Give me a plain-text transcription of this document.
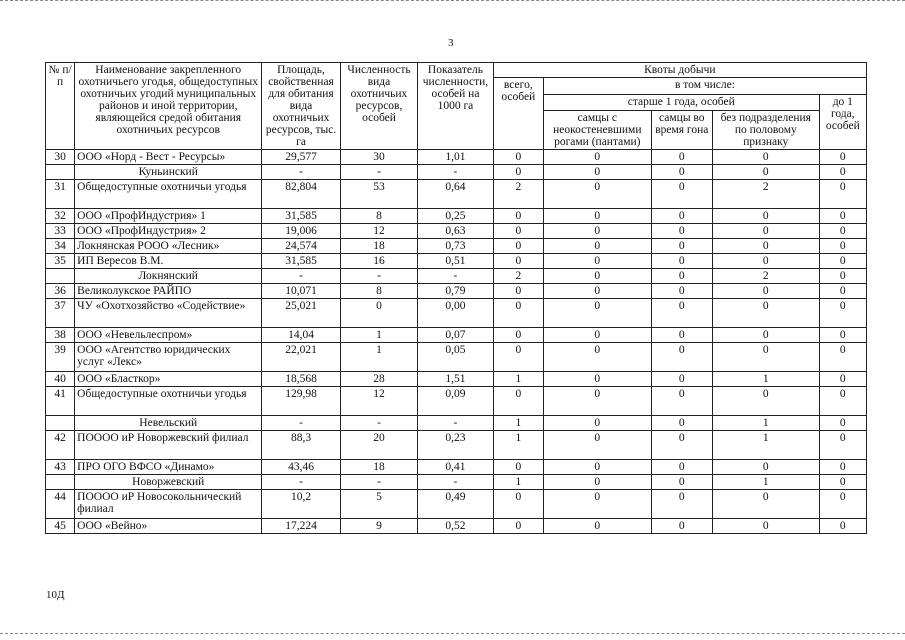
3
№ п/п	Наименование закрепленного охотничьего угодья, общедоступных охотничьих угодий муниципальных районов и иной территории, являющейся средой обитания охотничьих ресурсов	Площадь, свойственная для обитания вида охотничьих ресурсов, тыс. га	Численность вида охотничьих ресурсов, особей	Показатель численности, особей на 1000 га	Квоты добычи				
					всего, особей	в том числе:			
						старше 1 года, особей			до 1 года, особей
						самцы с неокостеневшими рогами (пантами)	самцы во время гона	без подразделения по половому признаку	
30	ООО «Норд - Вест - Ресурсы»	29,577	30	1,01	0	0	0	0	0
	Куньинский	-	-	-	0	0	0	0	0
31	Общедоступные охотничьи угодья	82,804	53	0,64	2	0	0	2	0
32	ООО «ПрофИндустрия» 1	31,585	8	0,25	0	0	0	0	0
33	ООО «ПрофИндустрия» 2	19,006	12	0,63	0	0	0	0	0
34	Локнянская РООО «Лесник»	24,574	18	0,73	0	0	0	0	0
35	ИП Вересов В.М.	31,585	16	0,51	0	0	0	0	0
	Локнянский	-	-	-	2	0	0	2	0
36	Великолукское РАЙПО	10,071	8	0,79	0	0	0	0	0
37	ЧУ «Охотхозяйство «Содействие»	25,021	0	0,00	0	0	0	0	0
38	ООО «Невельлеспром»	14,04	1	0,07	0	0	0	0	0
39	ООО «Агентство юридических услуг «Лекс»	22,021	1	0,05	0	0	0	0	0
40	ООО «Бласткор»	18,568	28	1,51	1	0	0	1	0
41	Общедоступные охотничьи угодья	129,98	12	0,09	0	0	0	0	0
	Невельский	-	-	-	1	0	0	1	0
42	ПОООО иР Новоржевский филиал	88,3	20	0,23	1	0	0	1	0
43	ПРО ОГО ВФСО «Динамо»	43,46	18	0,41	0	0	0	0	0
	Новоржевский	-	-	-	1	0	0	1	0
44	ПОООО иР Новосокольнический филиал	10,2	5	0,49	0	0	0	0	0
45	ООО «Вейно»	17,224	9	0,52	0	0	0	0	0
10Д
